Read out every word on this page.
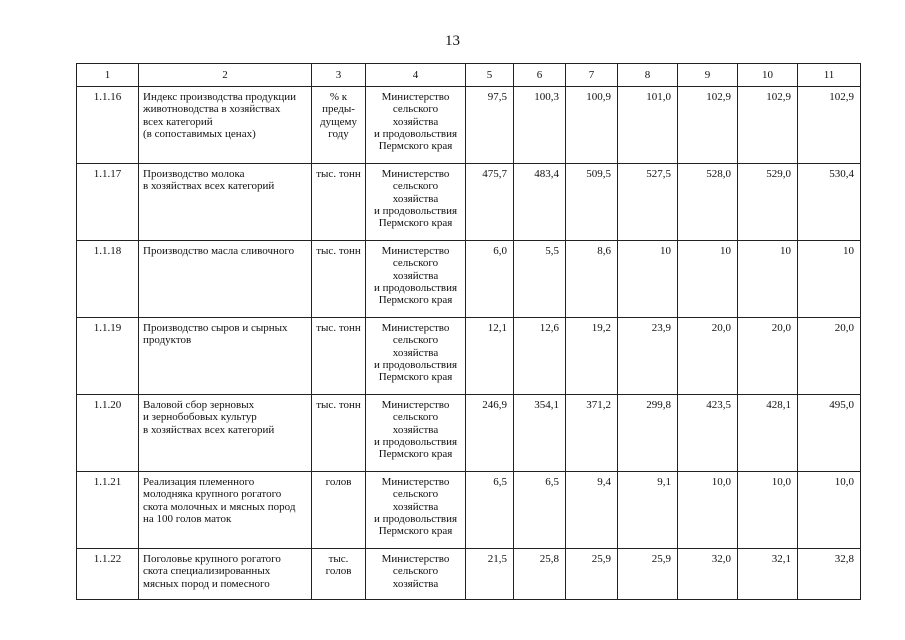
13
1	2	3	4	5	6	7	8	9	10	11
1.1.16	Индекс производства продукции
животноводства в хозяйствах
всех категорий
(в сопоставимых ценах)	% к
преды-
дущему
году	Министерство
сельского
хозяйства
и продовольствия
Пермского края	97,5	100,3	100,9	101,0	102,9	102,9	102,9
1.1.17	Производство молока
в хозяйствах всех категорий	тыс. тонн	Министерство
сельского
хозяйства
и продовольствия
Пермского края	475,7	483,4	509,5	527,5	528,0	529,0	530,4
1.1.18	Производство масла сливочного	тыс. тонн	Министерство
сельского
хозяйства
и продовольствия
Пермского края	6,0	5,5	8,6	10	10	10	10
1.1.19	Производство сыров и сырных
продуктов	тыс. тонн	Министерство
сельского
хозяйства
и продовольствия
Пермского края	12,1	12,6	19,2	23,9	20,0	20,0	20,0
1.1.20	Валовой сбор зерновых
и зернобобовых культур
в хозяйствах всех категорий	тыс. тонн	Министерство
сельского
хозяйства
и продовольствия
Пермского края	246,9	354,1	371,2	299,8	423,5	428,1	495,0
1.1.21	Реализация племенного
молодняка крупного рогатого
скота молочных и мясных пород
на 100 голов маток	голов	Министерство
сельского
хозяйства
и продовольствия
Пермского края	6,5	6,5	9,4	9,1	10,0	10,0	10,0
1.1.22	Поголовье крупного рогатого
скота специализированных
мясных пород и помесного	тыс.
голов	Министерство
сельского
хозяйства	21,5	25,8	25,9	25,9	32,0	32,1	32,8
